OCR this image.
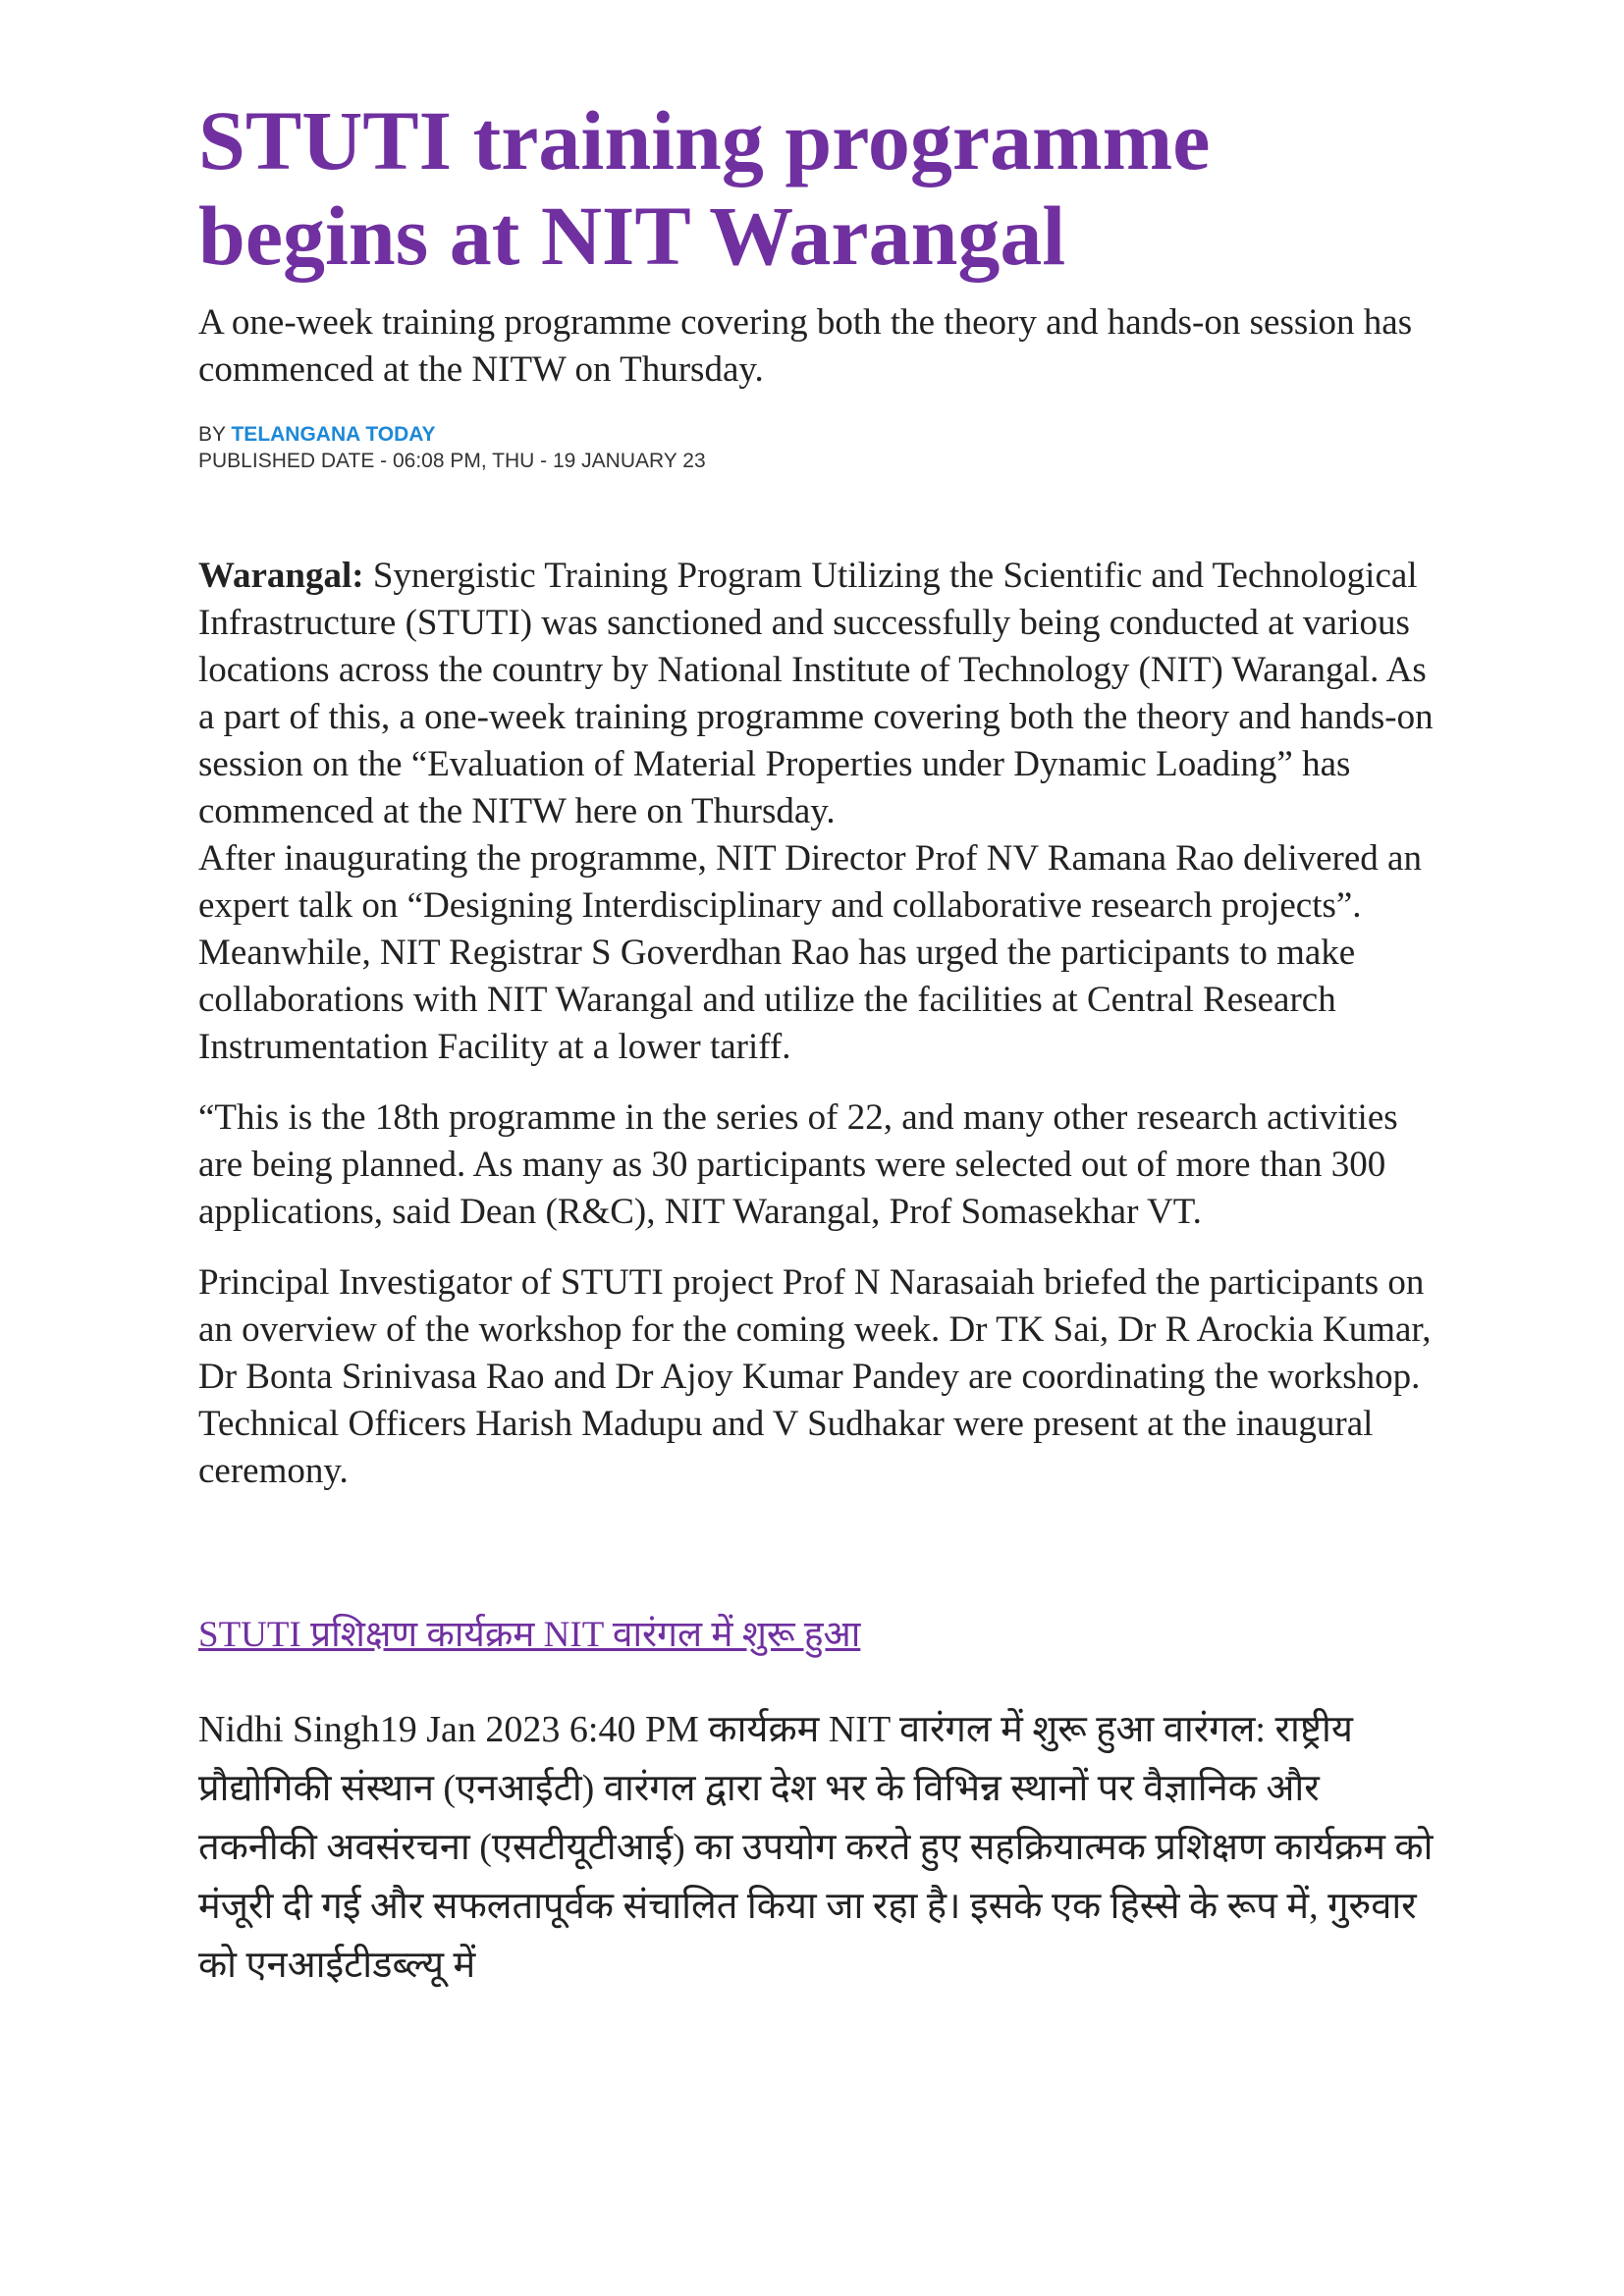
STUTI training programme begins at NIT Warangal

A one-week training programme covering both the theory and hands-on session has commenced at the NITW on Thursday.

BY TELANGANA TODAY
PUBLISHED DATE - 06:08 PM, THU - 19 JANUARY 23

Warangal: Synergistic Training Program Utilizing the Scientific and Technological Infrastructure (STUTI) was sanctioned and successfully being conducted at various locations across the country by National Institute of Technology (NIT) Warangal. As a part of this, a one-week training programme covering both the theory and hands-on session on the “Evaluation of Material Properties under Dynamic Loading” has commenced at the NITW here on Thursday.

After inaugurating the programme, NIT Director Prof NV Ramana Rao delivered an expert talk on “Designing Interdisciplinary and collaborative research projects”. Meanwhile, NIT Registrar S Goverdhan Rao has urged the participants to make collaborations with NIT Warangal and utilize the facilities at Central Research Instrumentation Facility at a lower tariff.

“This is the 18th programme in the series of 22, and many other research activities are being planned. As many as 30 participants were selected out of more than 300 applications, said Dean (R&C), NIT Warangal, Prof Somasekhar VT.

Principal Investigator of STUTI project Prof N Narasaiah briefed the participants on an overview of the workshop for the coming week. Dr TK Sai, Dr R Arockia Kumar, Dr Bonta Srinivasa Rao and Dr Ajoy Kumar Pandey are coordinating the workshop. Technical Officers Harish Madupu and V Sudhakar were present at the inaugural ceremony.

STUTI प्रशिक्षण कार्यक्रम NIT वारंगल में शुरू हुआ
Nidhi Singh19 Jan 2023 6:40 PM कार्यक्रम NIT वारंगल में शुरू हुआ वारंगल: राष्ट्रीय प्रौद्योगिकी संस्थान (एनआईटी) वारंगल द्वारा देश भर के विभिन्न स्थानों पर वैज्ञानिक और तकनीकी अवसंरचना (एसटीयूटीआई) का उपयोग करते हुए सहक्रियात्मक प्रशिक्षण कार्यक्रम को मंजूरी दी गई और सफलतापूर्वक संचालित किया जा रहा है। इसके एक हिस्से के रूप में, गुरुवार को एनआईटीडब्ल्यू में
